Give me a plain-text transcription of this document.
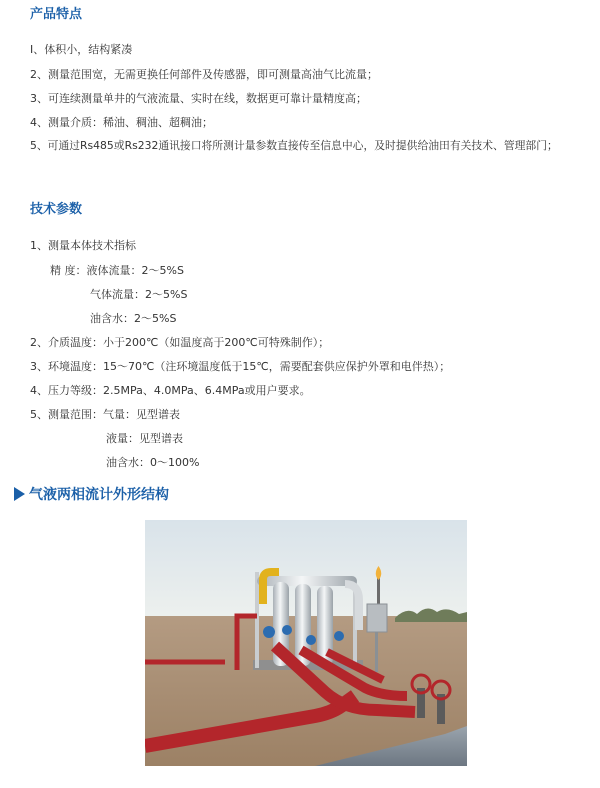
产品特点

Ⅰ、体积小，结构紧凑

2、测量范围宽，无需更换任何部件及传感器，即可测量高油气比流量；

3、可连续测量单井的气液流量、实时在线，数据更可靠计量精度高；

4、测量介质：稀油、稠油、超稠油；

5、可通过Rs485或Rs232通讯接口将所测计量参数直接传至信息中心，及时提供给油田有关技术、管理部门；

技术参数

1、测量本体技术指标

精 度：液体流量：2～5%S

气体流量：2～5%S

油含水：2～5%S

2、介质温度：小于200℃（如温度高于200℃可特殊制作）；

3、环境温度：15～70℃（注环境温度低于15℃，需要配套供应保护外罩和电伴热）；

4、压力等级：2.5MPa、4.0MPa、6.4MPa或用户要求。

5、测量范围：气量：见型谱表

液量：见型谱表

油含水：0～100%

气液两相流计外形结构
